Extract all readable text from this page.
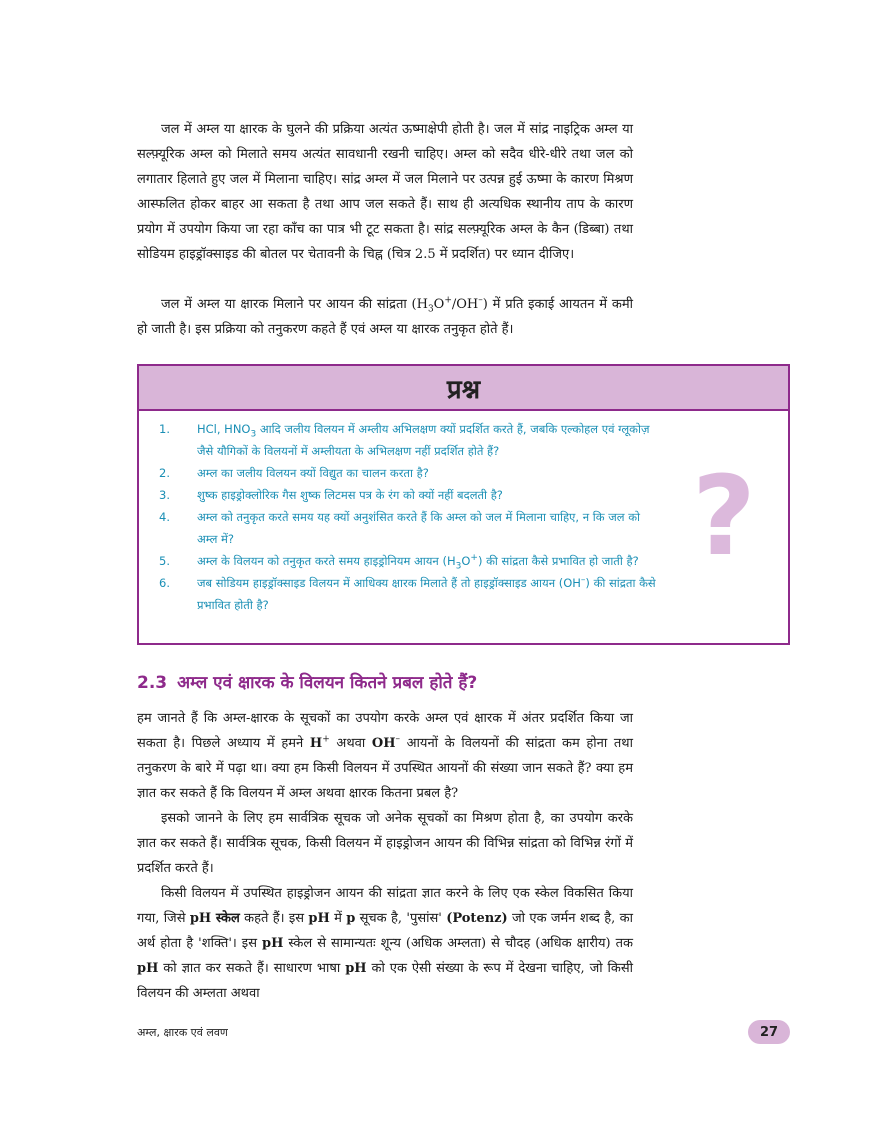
जल में अम्ल या क्षारक के घुलने की प्रक्रिया अत्यंत ऊष्माक्षेपी होती है। जल में सांद्र नाइट्रिक अम्ल या सल्फ़्यूरिक अम्ल को मिलाते समय अत्यंत सावधानी रखनी चाहिए। अम्ल को सदैव धीरे-धीरे तथा जल को लगातार हिलाते हुए जल में मिलाना चाहिए। सांद्र अम्ल में जल मिलाने पर उत्पन्न हुई ऊष्मा के कारण मिश्रण आस्फलित होकर बाहर आ सकता है तथा आप जल सकते हैं। साथ ही अत्यधिक स्थानीय ताप के कारण प्रयोग में उपयोग किया जा रहा काँच का पात्र भी टूट सकता है। सांद्र सल्फ़्यूरिक अम्ल के कैन (डिब्बा) तथा सोडियम हाइड्रॉक्साइड की बोतल पर चेतावनी के चिह्न (चित्र 2.5 में प्रदर्शित) पर ध्यान दीजिए।

जल में अम्ल या क्षारक मिलाने पर आयन की सांद्रता $(H_3O^+/OH^-)$ में प्रति इकाई आयतन में कमी हो जाती है। इस प्रक्रिया को तनुकरण कहते हैं एवं अम्ल या क्षारक तनुकृत होते हैं।

प्रश्न
?
1.	HCl, $HNO_3$ आदि जलीय विलयन में अम्लीय अभिलक्षण क्यों प्रदर्शित करते हैं, जबकि एल्कोहल एवं ग्लूकोज़ जैसे यौगिकों के विलयनों में अम्लीयता के अभिलक्षण नहीं प्रदर्शित होते हैं?
2.	अम्ल का जलीय विलयन क्यों विद्युत का चालन करता है?
3.	शुष्क हाइड्रोक्लोरिक गैस शुष्क लिटमस पत्र के रंग को क्यों नहीं बदलती है?
4.	अम्ल को तनुकृत करते समय यह क्यों अनुशंसित करते हैं कि अम्ल को जल में मिलाना चाहिए, न कि जल को अम्ल में?
5.	अम्ल के विलयन को तनुकृत करते समय हाइड्रोनियम आयन $(H_3O^+)$ की सांद्रता कैसे प्रभावित हो जाती है?
6.	जब सोडियम हाइड्रॉक्साइड विलयन में आधिक्य क्षारक मिलाते हैं तो हाइड्रॉक्साइड आयन (OH–) की सांद्रता कैसे प्रभावित होती है?
2.3 अम्ल एवं क्षारक के विलयन कितने प्रबल होते हैं?

हम जानते हैं कि अम्ल-क्षारक के सूचकों का उपयोग करके अम्ल एवं क्षारक में अंतर प्रदर्शित किया जा सकता है। पिछले अध्याय में हमने H+ अथवा OH– आयनों के विलयनों की सांद्रता कम होना तथा तनुकरण के बारे में पढ़ा था। क्या हम किसी विलयन में उपस्थित आयनों की संख्या जान सकते हैं? क्या हम ज्ञात कर सकते हैं कि विलयन में अम्ल अथवा क्षारक कितना प्रबल है?

इसको जानने के लिए हम सार्वत्रिक सूचक जो अनेक सूचकों का मिश्रण होता है, का उपयोग करके ज्ञात कर सकते हैं। सार्वत्रिक सूचक, किसी विलयन में हाइड्रोजन आयन की विभिन्न सांद्रता को विभिन्न रंगों में प्रदर्शित करते हैं।

किसी विलयन में उपस्थित हाइड्रोजन आयन की सांद्रता ज्ञात करने के लिए एक स्केल विकसित किया गया, जिसे pH स्केल कहते हैं। इस pH में p सूचक है, 'पुसांस' (Potenz) जो एक जर्मन शब्द है, का अर्थ होता है 'शक्ति'। इस pH स्केल से सामान्यतः शून्य (अधिक अम्लता) से चौदह (अधिक क्षारीय) तक pH को ज्ञात कर सकते हैं। साधारण भाषा pH को एक ऐसी संख्या के रूप में देखना चाहिए, जो किसी विलयन की अम्लता अथवा

अम्ल, क्षारक एवं लवण	27
